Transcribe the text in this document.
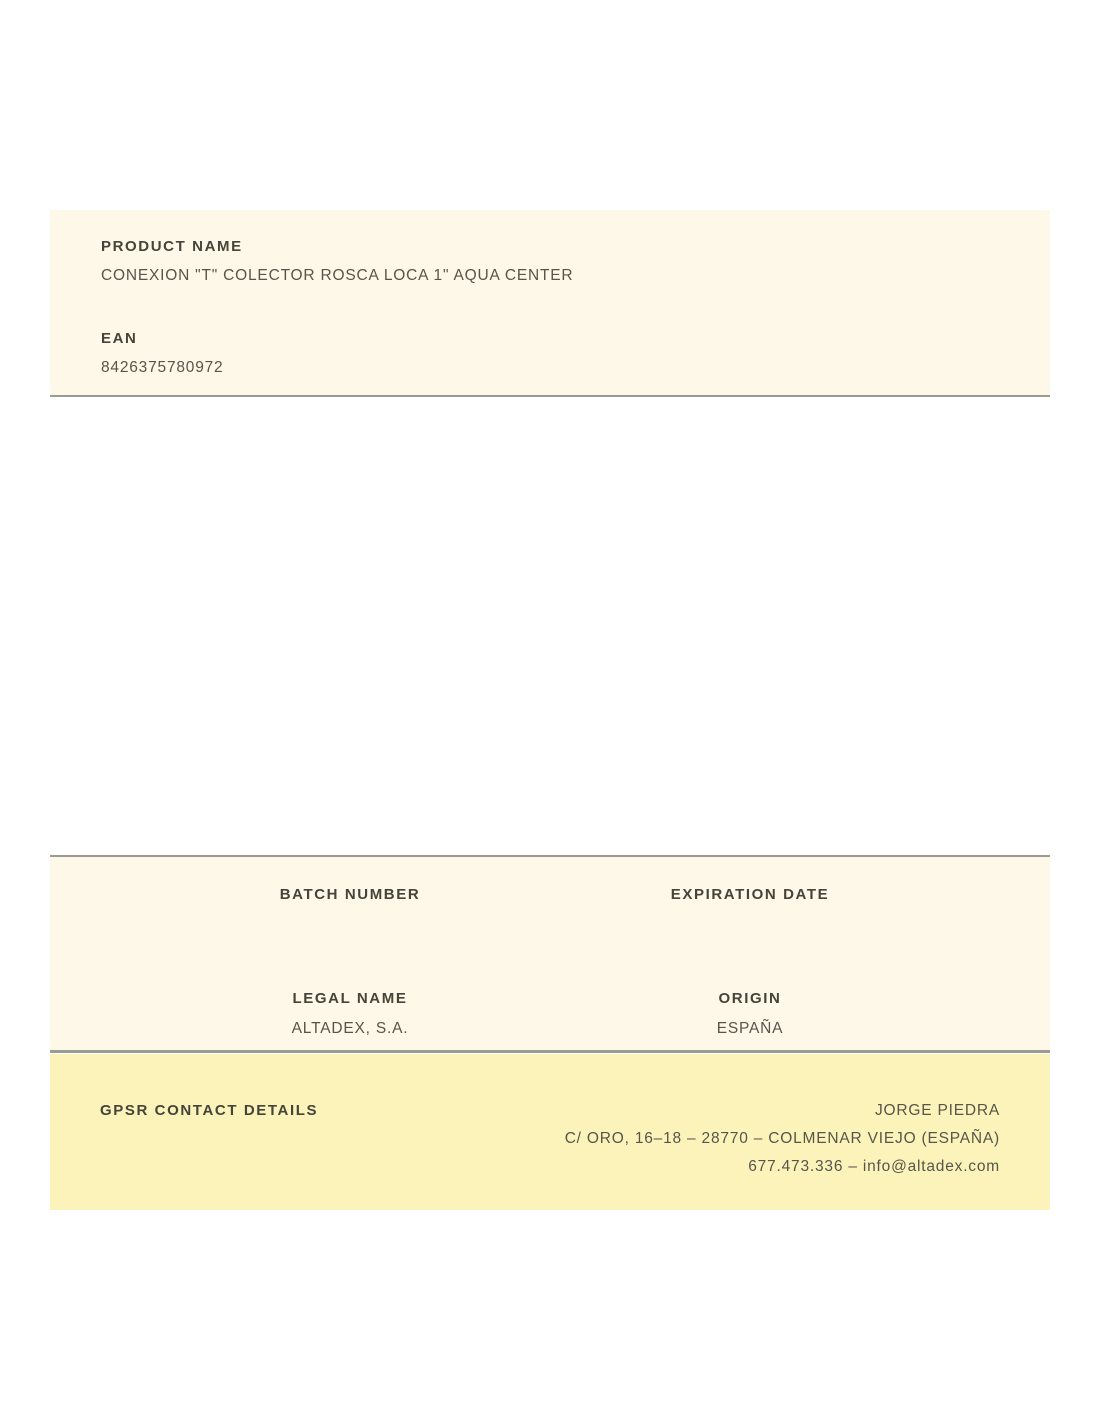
PRODUCT NAME
CONEXION "T" COLECTOR ROSCA LOCA 1" AQUA CENTER
EAN
8426375780972
BATCH NUMBER	EXPIRATION DATE
LEGAL NAME
ALTADEX, S.A.
ORIGIN
ESPAÑA
GPSR CONTACT DETAILS	JORGE PIEDRA
C/ ORO, 16–18 – 28770 – COLMENAR VIEJO (ESPAÑA)
677.473.336 – info@altadex.com
